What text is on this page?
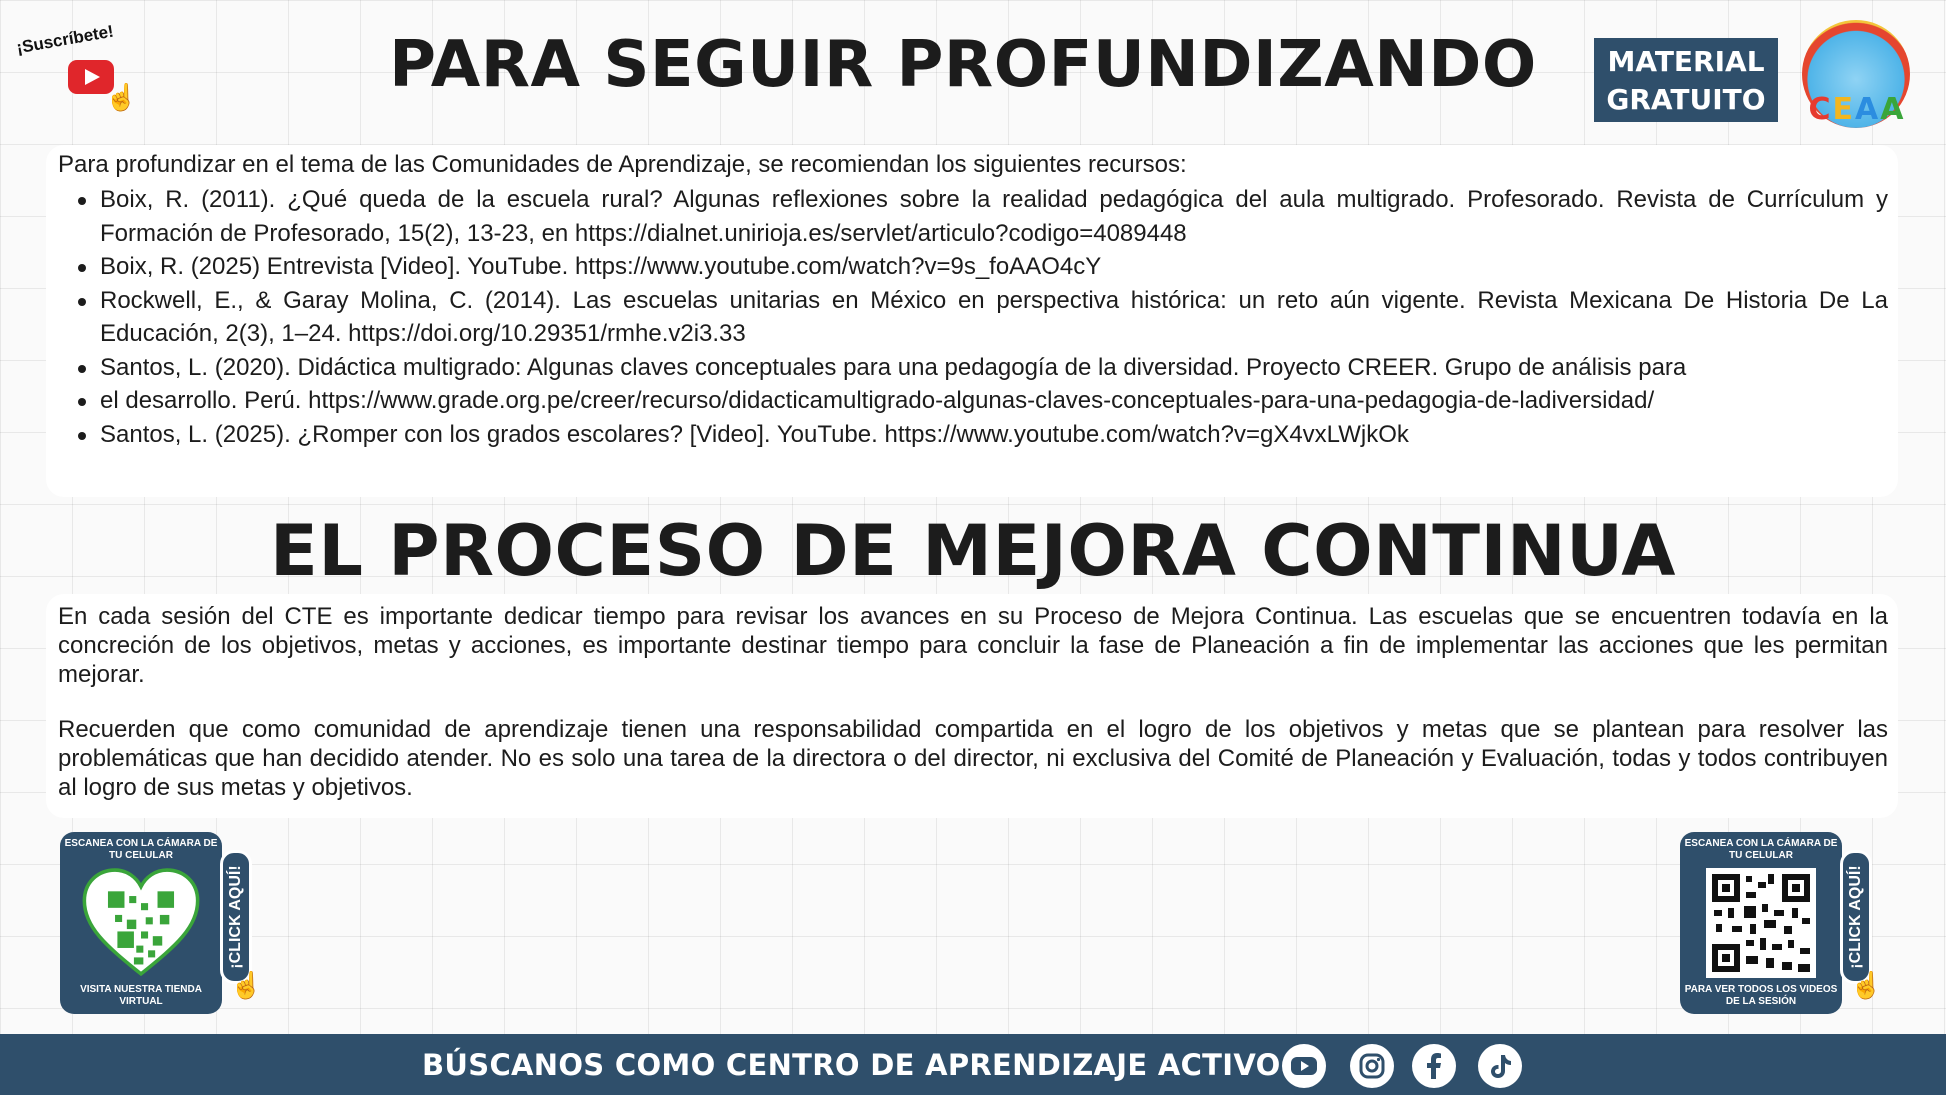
¡Suscríbete!
☝	PARA SEGUIR PROFUNDIZANDO	MATERIAL
GRATUITO	CEAA

Para profundizar en el tema de las Comunidades de Aprendizaje, se recomiendan los siguientes recursos:

Boix, R. (2011). ¿Qué queda de la escuela rural? Algunas reflexiones sobre la realidad pedagógica del aula multigrado. Profesorado. Revista de Currículum y Formación de Profesorado, 15(2), 13-23, en https://dialnet.unirioja.es/servlet/articulo?codigo=4089448
Boix, R. (2025) Entrevista [Video]. YouTube. https://www.youtube.com/watch?v=9s_foAAO4cY
Rockwell, E., & Garay Molina, C. (2014). Las escuelas unitarias en México en perspectiva histórica: un reto aún vigente. Revista Mexicana De Historia De La Educación, 2(3), 1–24. https://doi.org/10.29351/rmhe.v2i3.33
Santos, L. (2020). Didáctica multigrado: Algunas claves conceptuales para una pedagogía de la diversidad. Proyecto CREER. Grupo de análisis para
el desarrollo. Perú. https://www.grade.org.pe/creer/recurso/didacticamultigrado-algunas-claves-conceptuales-para-una-pedagogia-de-ladiversidad/
Santos, L. (2025). ¿Romper con los grados escolares? [Video]. YouTube. https://www.youtube.com/watch?v=gX4vxLWjkOk
EL PROCESO DE MEJORA CONTINUA

En cada sesión del CTE es importante dedicar tiempo para revisar los avances en su Proceso de Mejora Continua. Las escuelas que se encuentren todavía en la concreción de los objetivos, metas y acciones, es importante destinar tiempo para concluir la fase de Planeación a fin de implementar las acciones que les permitan mejorar.

Recuerden que como comunidad de aprendizaje tienen una responsabilidad compartida en el logro de los objetivos y metas que se plantean para resolver las problemáticas que han decidido atender. No es solo una tarea de la directora o del director, ni exclusiva del Comité de Planeación y Evaluación, todas y todos contribuyen al logro de sus metas y objetivos.

ESCANEA CON LA CÁMARA DE TU CELULAR
VISITA NUESTRA TIENDA VIRTUAL
¡CLICK AQUÍ!
☝
ESCANEA CON LA CÁMARA DE TU CELULAR
PARA VER TODOS LOS VIDEOS DE LA SESIÓN
¡CLICK AQUÍ!
☝
BÚSCANOS COMO CENTRO DE APRENDIZAJE ACTIVO
